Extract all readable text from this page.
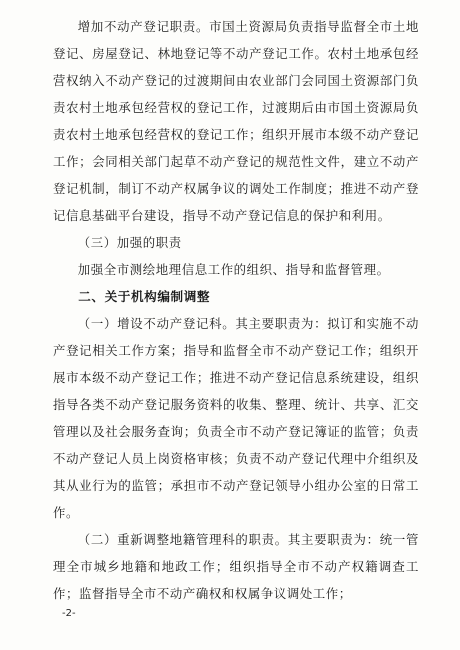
增加不动产登记职责。市国土资源局负责指导监督全市土地登记、房屋登记、林地登记等不动产登记工作。农村土地承包经营权纳入不动产登记的过渡期间由农业部门会同国土资源部门负责农村土地承包经营权的登记工作，过渡期后由市国土资源局负责农村土地承包经营权的登记工作；组织开展市本级不动产登记工作；会同相关部门起草不动产登记的规范性文件，建立不动产登记机制，制订不动产权属争议的调处工作制度；推进不动产登记信息基础平台建设，指导不动产登记信息的保护和利用。

（三）加强的职责

加强全市测绘地理信息工作的组织、指导和监督管理。

二、关于机构编制调整

（一）增设不动产登记科。其主要职责为：拟订和实施不动产登记相关工作方案；指导和监督全市不动产登记工作；组织开展市本级不动产登记工作；推进不动产登记信息系统建设，组织指导各类不动产登记服务资料的收集、整理、统计、共享、汇交管理以及社会服务查询；负责全市不动产登记簿证的监管；负责不动产登记人员上岗资格审核；负责不动产登记代理中介组织及其从业行为的监管；承担市不动产登记领导小组办公室的日常工作。

（二）重新调整地籍管理科的职责。其主要职责为：统一管理全市城乡地籍和地政工作；组织指导全市不动产权籍调查工作；监督指导全市不动产确权和权属争议调处工作；

-2-
